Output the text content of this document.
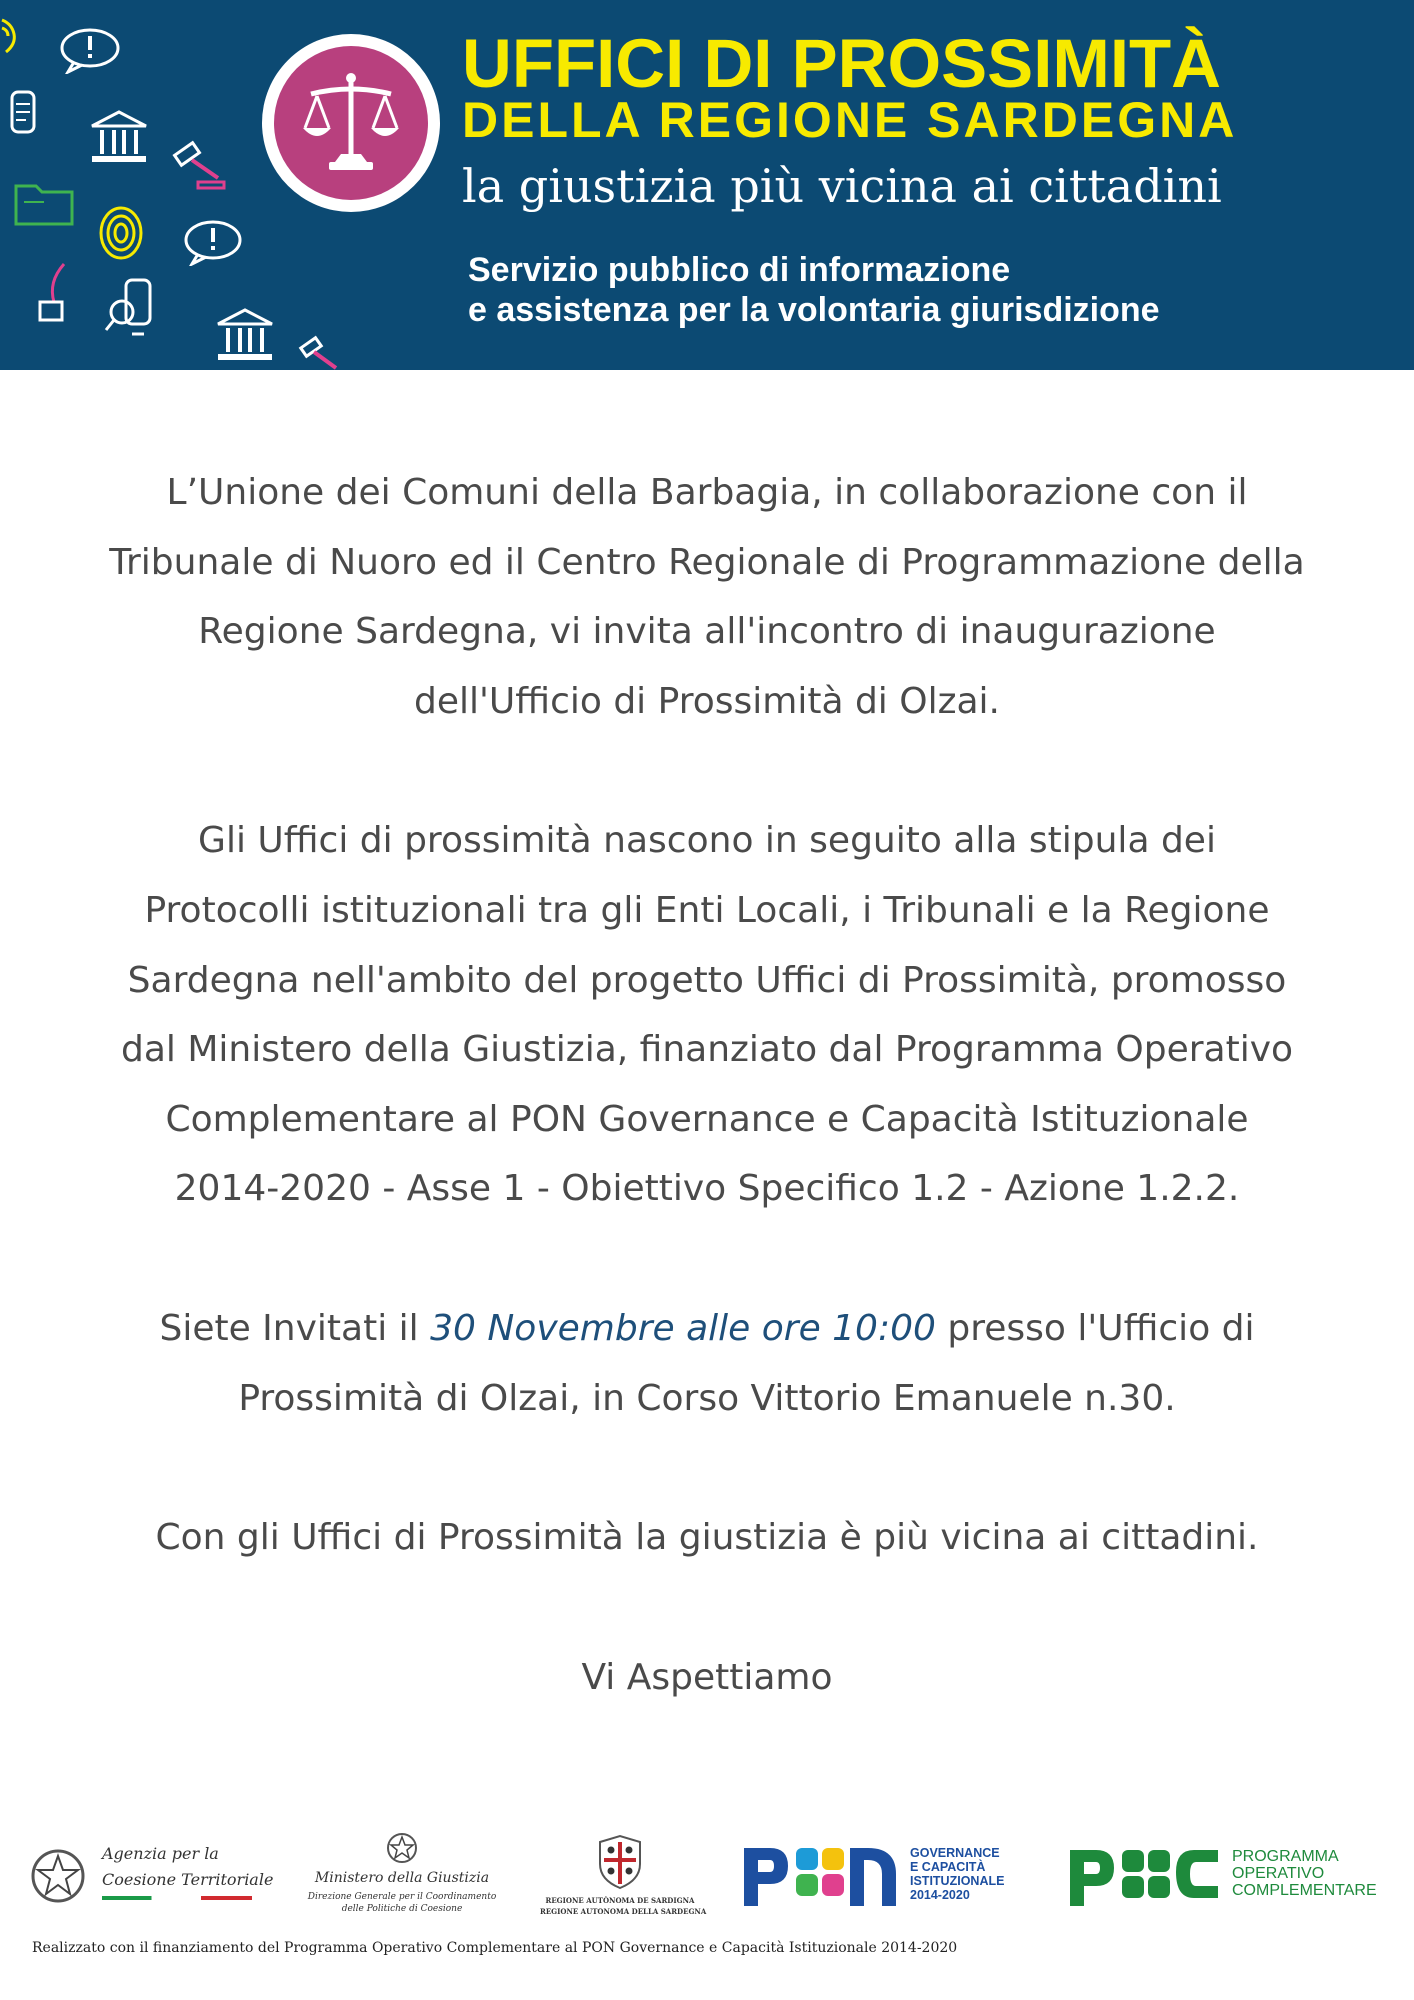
UFFICI DI PROSSIMITÀ
DELLA REGIONE SARDEGNA
la giustizia più vicina ai cittadini
Servizio pubblico di informazione
e assistenza per la volontaria giurisdizione

L’Unione dei Comuni della Barbagia, in collaborazione con il

Tribunale di Nuoro ed il Centro Regionale di Programmazione della

Regione Sardegna, vi invita all'incontro di inaugurazione

dell'Ufficio di Prossimità di Olzai.

Gli Uffici di prossimità nascono in seguito alla stipula dei

Protocolli istituzionali tra gli Enti Locali, i Tribunali e la Regione

Sardegna nell'ambito del progetto Uffici di Prossimità, promosso

dal Ministero della Giustizia, finanziato dal Programma Operativo

Complementare al PON Governance e Capacità Istituzionale

2014-2020 - Asse 1 - Obiettivo Specifico 1.2 - Azione 1.2.2.

Siete Invitati il 30 Novembre alle ore 10:00 presso l'Ufficio di

Prossimità di Olzai, in Corso Vittorio Emanuele n.30.

Con gli Uffici di Prossimità la giustizia è più vicina ai cittadini.

Vi Aspettiamo

Agenzia per la
Coesione Territoriale	Ministero della Giustizia
Direzione Generale per il Coordinamento
delle Politiche di Coesione
REGIONE AUTÒNOMA DE SARDIGNA
REGIONE AUTONOMA DELLA SARDEGNA
GOVERNANCE
E CAPACITÀ
ISTITUZIONALE
2014-2020
PROGRAMMA
OPERATIVO
COMPLEMENTARE
Realizzato con il finanziamento del Programma Operativo Complementare al PON Governance e Capacità Istituzionale 2014-2020
